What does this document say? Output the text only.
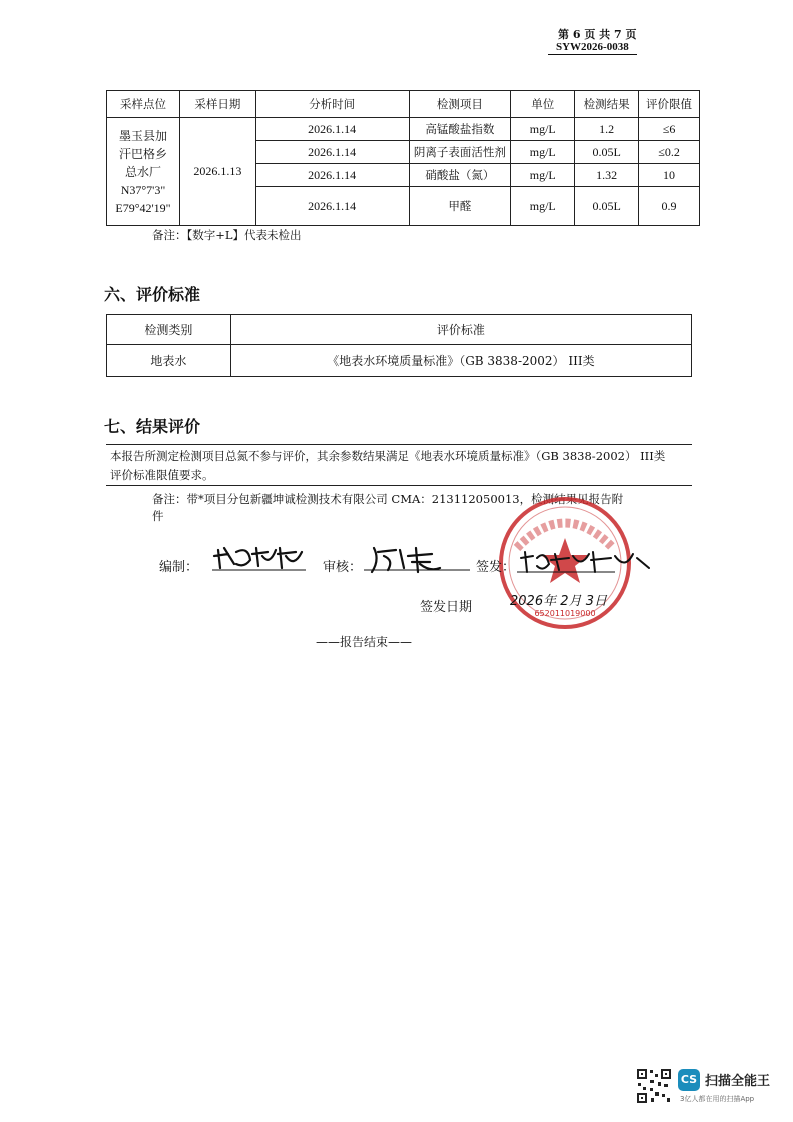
第 6 页 共 7 页
SYW2026-0038
采样点位	采样日期	分析时间	检测项目	单位	检测结果	评价限值

墨玉县加
汗巴格乡
总水厂
N37°7'3"
E79°42'19"	2026.1.13	2026.1.14	高锰酸盐指数	mg/L	1.2	≤6
		2026.1.14	阴离子表面活性剂	mg/L	0.05L	≤0.2
		2026.1.14	硝酸盐（氮）	mg/L	1.32	10
		2026.1.14	甲醛	mg/L	0.05L	0.9
备注：【数字+L】代表未检出
六、评价标准
检测类别	评价标准
地表水	《地表水环境质量标准》（GB 3838-2002） III类
七、结果评价
本报告所测定检测项目总氮不参与评价，其余参数结果满足《地表水环境质量标准》（GB 3838-2002） III类
评价标准限值要求。
备注：带*项目分包新疆坤诚检测技术有限公司 CMA：213112050013，检测结果见报告附
件
652011019000
编制：	审核：	签发：
签发日期	2026年 2月 3日
——报告结束——
CS 扫描全能王
3亿人都在用的扫描App
